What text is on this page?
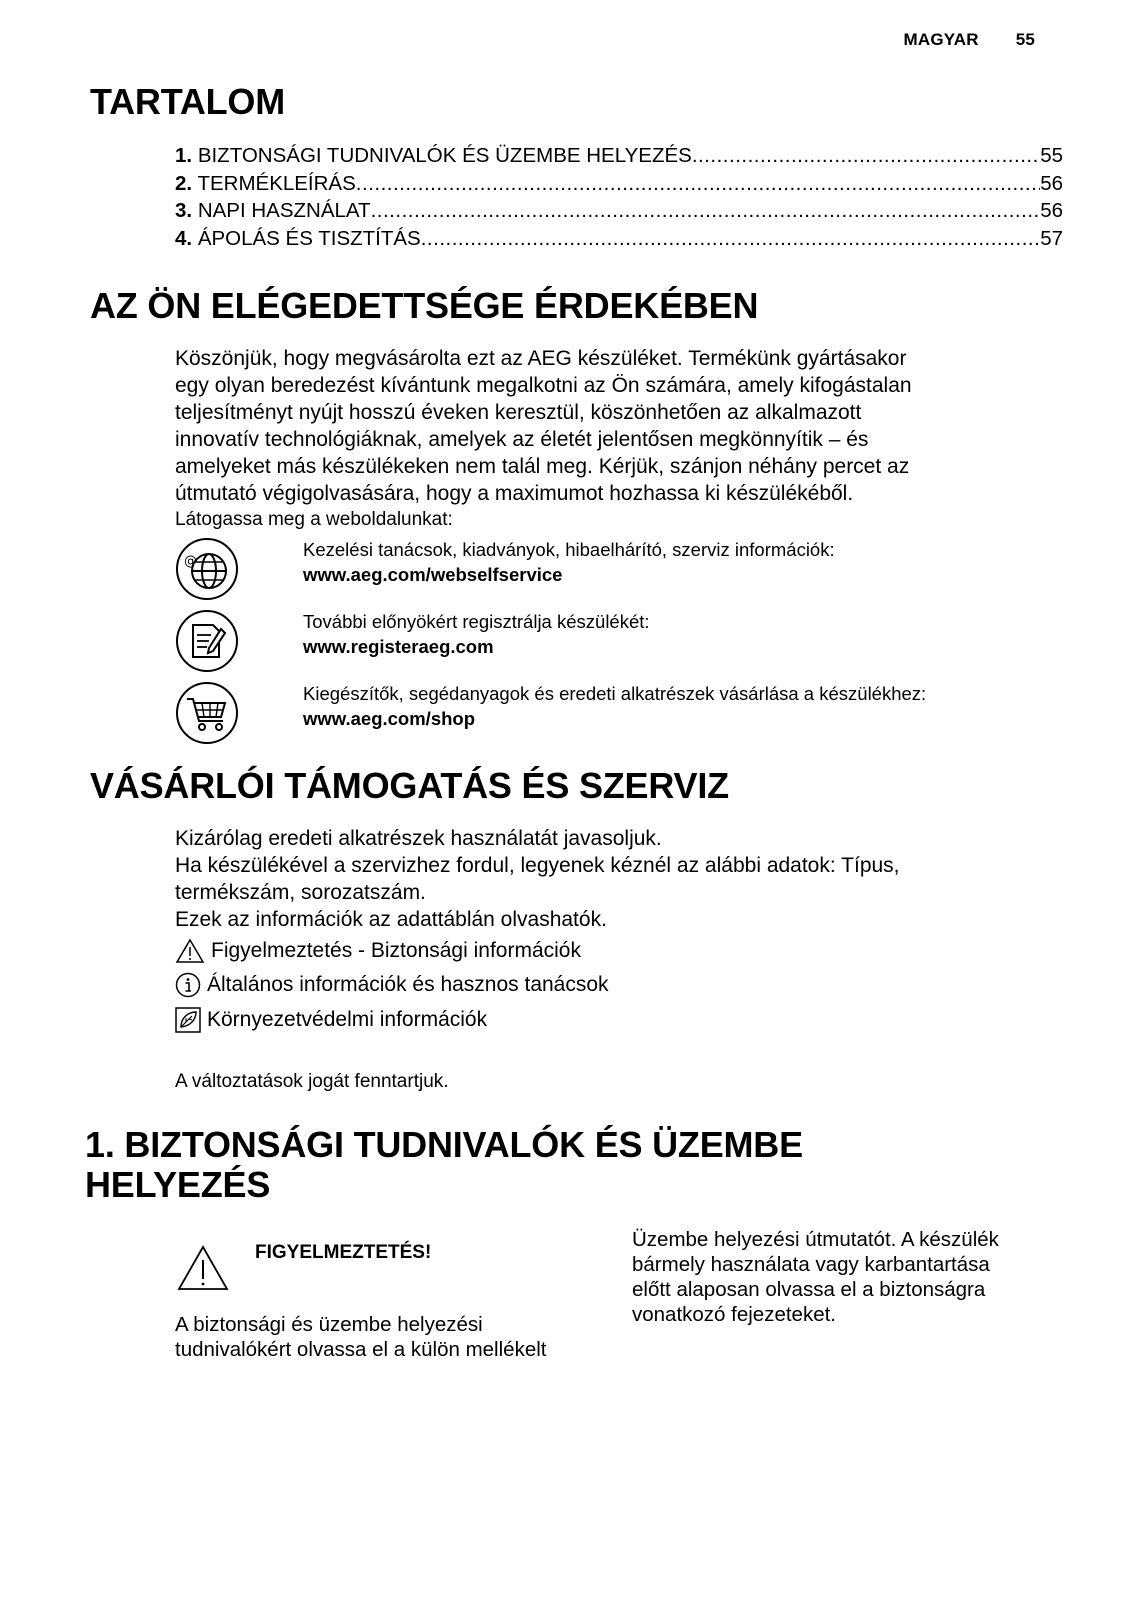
MAGYAR 55
TARTALOM
1. BIZTONSÁGI TUDNIVALÓK ÉS ÜZEMBE HELYEZÉS .....	55
2. TERMÉKLEÍRÁS .....	56
3. NAPI HASZNÁLAT .....	56
4. ÁPOLÁS ÉS TISZTÍTÁS .....	57
AZ ÖN ELÉGEDETTSÉGE ÉRDEKÉBEN
Köszönjük, hogy megvásárolta ezt az AEG készüléket. Termékünk gyártásakor
egy olyan beredezést kívántunk megalkotni az Ön számára, amely kifogástalan
teljesítményt nyújt hosszú éveken keresztül, köszönhetően az alkalmazott
innovatív technológiáknak, amelyek az életét jelentősen megkönnyítik – és
amelyeket más készülékeken nem talál meg. Kérjük, szánjon néhány percet az
útmutató végigolvasására, hogy a maximumot hozhassa ki készülékéből.
Látogassa meg a weboldalunkat:
@
Kezelési tanácsok, kiadványok, hibaelhárító, szerviz információk:
www.aeg.com/webselfservice
További előnyökért regisztrálja készülékét:
www.registeraeg.com
Kiegészítők, segédanyagok és eredeti alkatrészek vásárlása a készülékhez:
www.aeg.com/shop
VÁSÁRLÓI TÁMOGATÁS ÉS SZERVIZ
Kizárólag eredeti alkatrészek használatát javasoljuk.
Ha készülékével a szervizhez fordul, legyenek kéznél az alábbi adatok: Típus,
termékszám, sorozatszám.
Ezek az információk az adattáblán olvashatók.
Figyelmeztetés - Biztonsági információk
Általános információk és hasznos tanácsok
Környezetvédelmi információk
A változtatások jogát fenntartjuk.
1. BIZTONSÁGI TUDNIVALÓK ÉS ÜZEMBE
HELYEZÉS
FIGYELMEZTETÉS!
A biztonsági és üzembe helyezési
tudnivalókért olvassa el a külön mellékelt
Üzembe helyezési útmutatót. A készülék
bármely használata vagy karbantartása
előtt alaposan olvassa el a biztonságra
vonatkozó fejezeteket.
